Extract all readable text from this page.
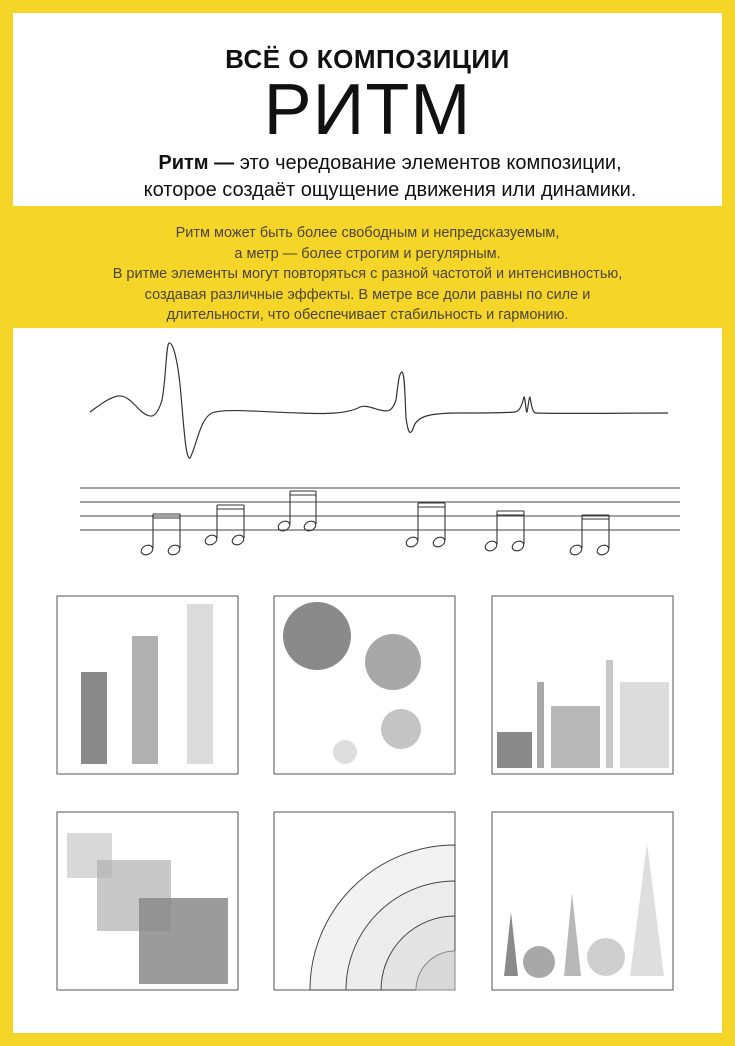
ВСЁ О КОМПОЗИЦИИ
РИТМ
Ритм — это чередование элементов композиции,
которое создаёт ощущение движения или динамики.
Ритм может быть более свободным и непредсказуемым,
а метр — более строгим и регулярным.
В ритме элементы могут повторяться с разной частотой и интенсивностью,
создавая различные эффекты. В метре все доли равны по силе и
длительности, что обеспечивает стабильность и гармонию.
